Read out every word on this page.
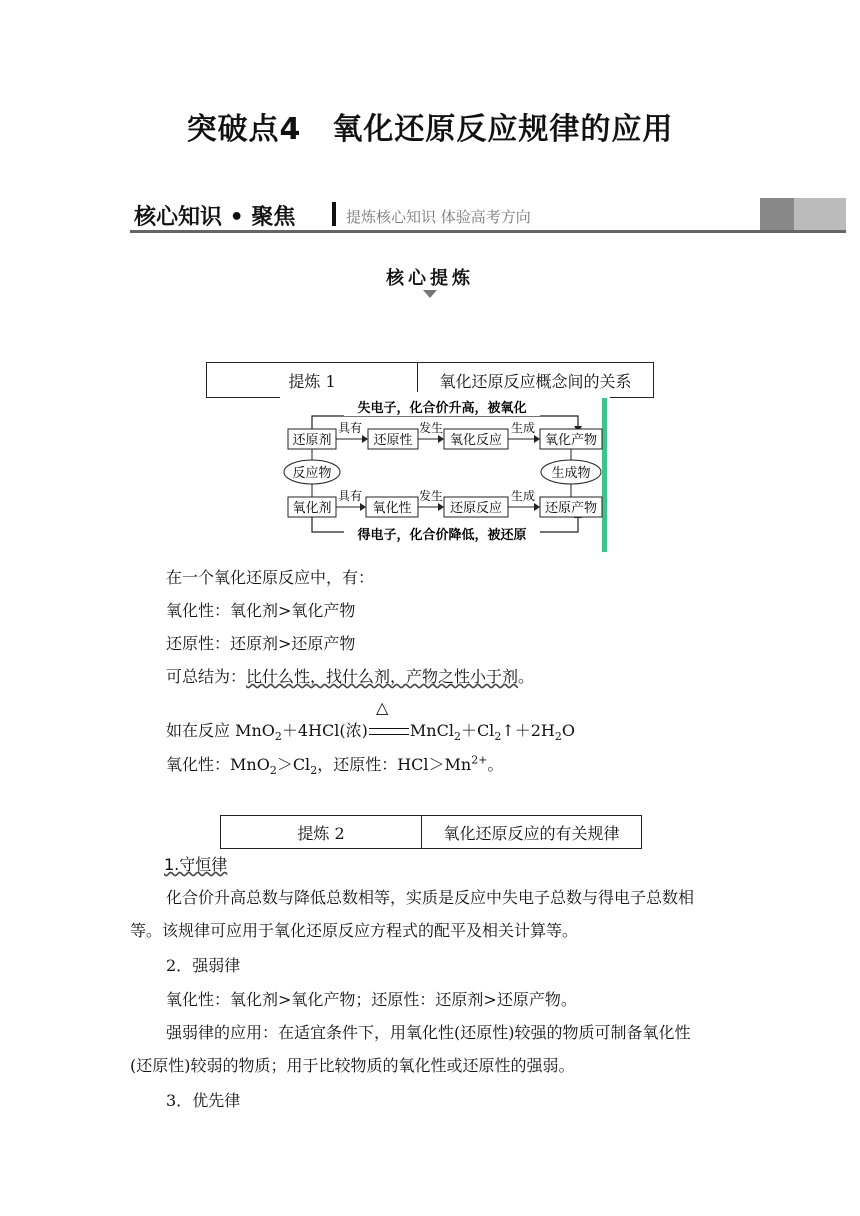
突破点4　氧化还原反应规律的应用
核心知识 • 聚焦	提炼核心知识 体验高考方向
核心提炼
提炼 1	氧化还原反应概念间的关系
失电子，化合价升高，被氧化
得电子，化合价降低，被还原
还原剂	还原性	氧化反应	氧化产物
具有	发生	生成
反应物	生成物
氧化剂	氧化性	还原反应	还原产物
具有	发生	生成
在一个氧化还原反应中，有：
氧化性：氧化剂>氧化产物
还原性：还原剂>还原产物
可总结为：比什么性，找什么剂，产物之性小于剂。
△
如在反应 MnO$_2$＋4HCl(浓)	$MnCl_2+Cl_2↑+2H_2O$
氧化性：$MnO_2>Cl_2$，还原性：$HCl>Mn^{2+}$。
提炼 2	氧化还原反应的有关规律
1.守恒律
化合价升高总数与降低总数相等，实质是反应中失电子总数与得电子总数相
等。该规律可应用于氧化还原反应方程式的配平及相关计算等。
2．强弱律
氧化性：氧化剂>氧化产物；还原性：还原剂>还原产物。
强弱律的应用：在适宜条件下，用氧化性(还原性)较强的物质可制备氧化性
(还原性)较弱的物质；用于比较物质的氧化性或还原性的强弱。
3．优先律
